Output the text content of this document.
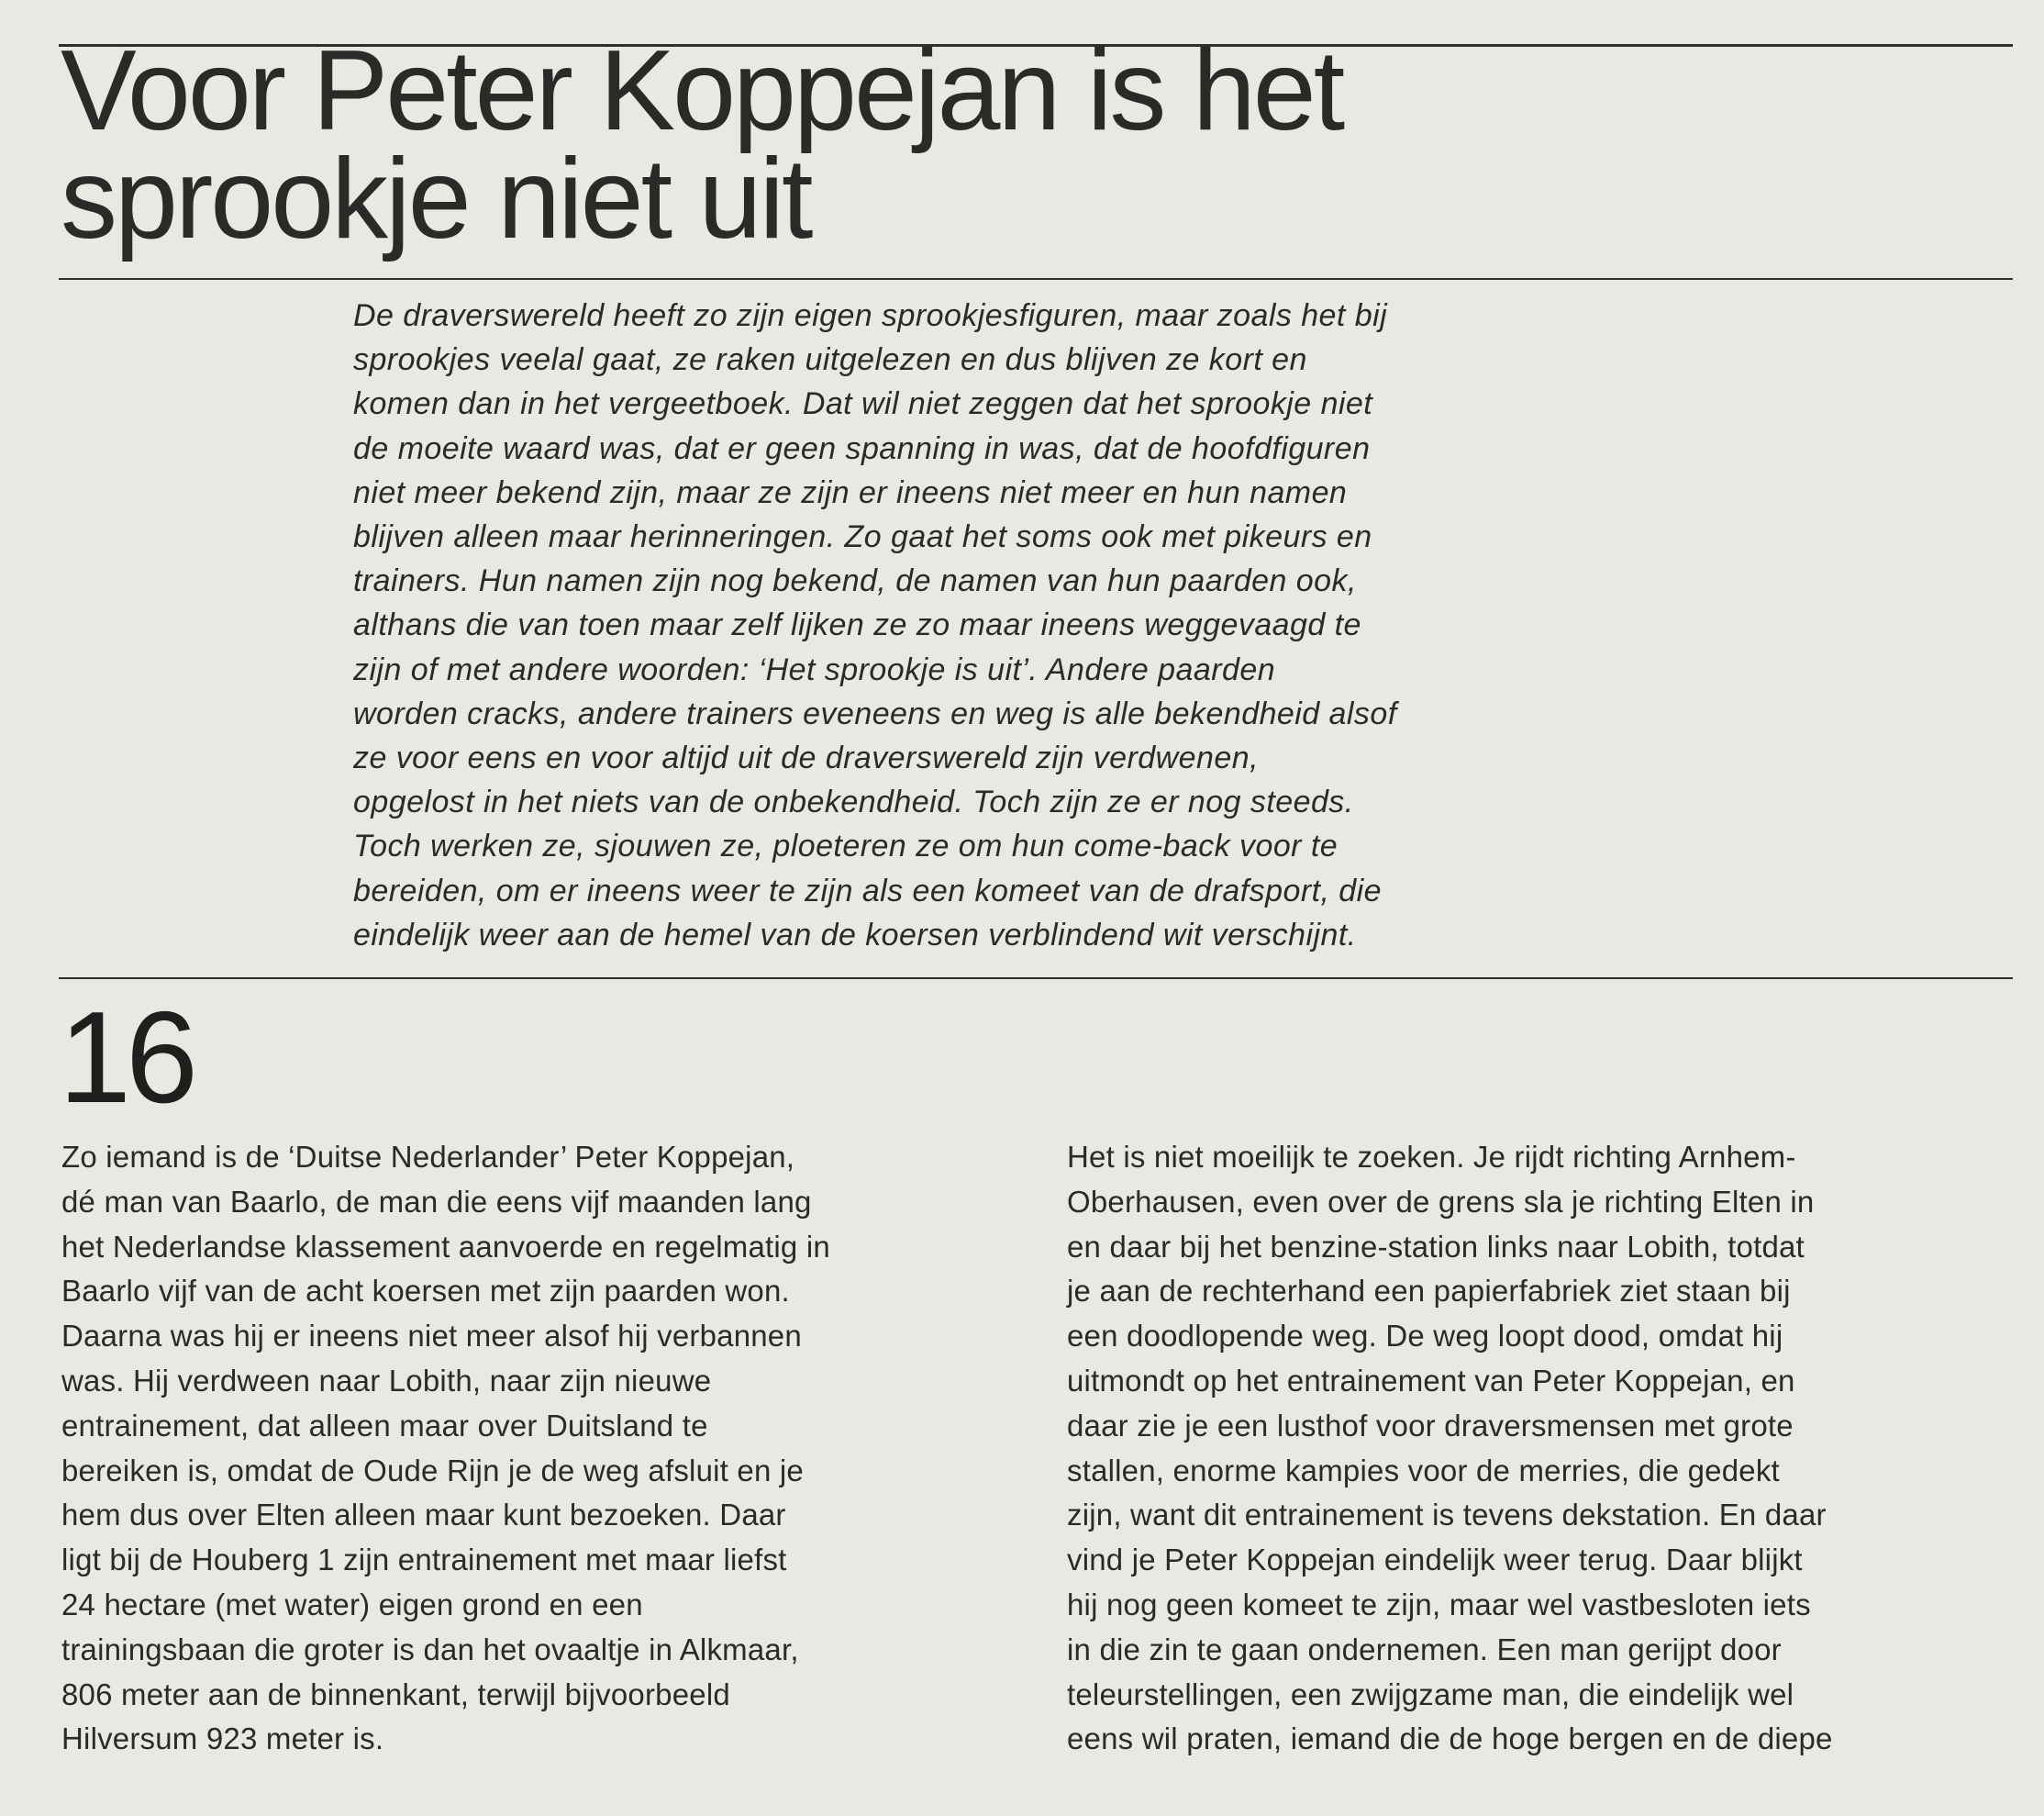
Voor Peter Koppejan is het
sprookje niet uit
De draverswereld heeft zo zijn eigen sprookjesfiguren, maar zoals het bij
sprookjes veelal gaat, ze raken uitgelezen en dus blijven ze kort en
komen dan in het vergeetboek. Dat wil niet zeggen dat het sprookje niet
de moeite waard was, dat er geen spanning in was, dat de hoofdfiguren
niet meer bekend zijn, maar ze zijn er ineens niet meer en hun namen
blijven alleen maar herinneringen. Zo gaat het soms ook met pikeurs en
trainers. Hun namen zijn nog bekend, de namen van hun paarden ook,
althans die van toen maar zelf lijken ze zo maar ineens weggevaagd te
zijn of met andere woorden: ‘Het sprookje is uit’. Andere paarden
worden cracks, andere trainers eveneens en weg is alle bekendheid alsof
ze voor eens en voor altijd uit de draverswereld zijn verdwenen,
opgelost in het niets van de onbekendheid. Toch zijn ze er nog steeds.
Toch werken ze, sjouwen ze, ploeteren ze om hun come-back voor te
bereiden, om er ineens weer te zijn als een komeet van de drafsport, die
eindelijk weer aan de hemel van de koersen verblindend wit verschijnt.
16
Zo iemand is de ‘Duitse Nederlander’ Peter Koppejan,
dé man van Baarlo, de man die eens vijf maanden lang
het Nederlandse klassement aanvoerde en regelmatig in
Baarlo vijf van de acht koersen met zijn paarden won.
Daarna was hij er ineens niet meer alsof hij verbannen
was. Hij verdween naar Lobith, naar zijn nieuwe
entrainement, dat alleen maar over Duitsland te
bereiken is, omdat de Oude Rijn je de weg afsluit en je
hem dus over Elten alleen maar kunt bezoeken. Daar
ligt bij de Houberg 1 zijn entrainement met maar liefst
24 hectare (met water) eigen grond en een
trainingsbaan die groter is dan het ovaaltje in Alkmaar,
806 meter aan de binnenkant, terwijl bijvoorbeeld
Hilversum 923 meter is.
Het is niet moeilijk te zoeken. Je rijdt richting Arnhem-
Oberhausen, even over de grens sla je richting Elten in
en daar bij het benzine-station links naar Lobith, totdat
je aan de rechterhand een papierfabriek ziet staan bij
een doodlopende weg. De weg loopt dood, omdat hij
uitmondt op het entrainement van Peter Koppejan, en
daar zie je een lusthof voor draversmensen met grote
stallen, enorme kampies voor de merries, die gedekt
zijn, want dit entrainement is tevens dekstation. En daar
vind je Peter Koppejan eindelijk weer terug. Daar blijkt
hij nog geen komeet te zijn, maar wel vastbesloten iets
in die zin te gaan ondernemen. Een man gerijpt door
teleurstellingen, een zwijgzame man, die eindelijk wel
eens wil praten, iemand die de hoge bergen en de diepe
